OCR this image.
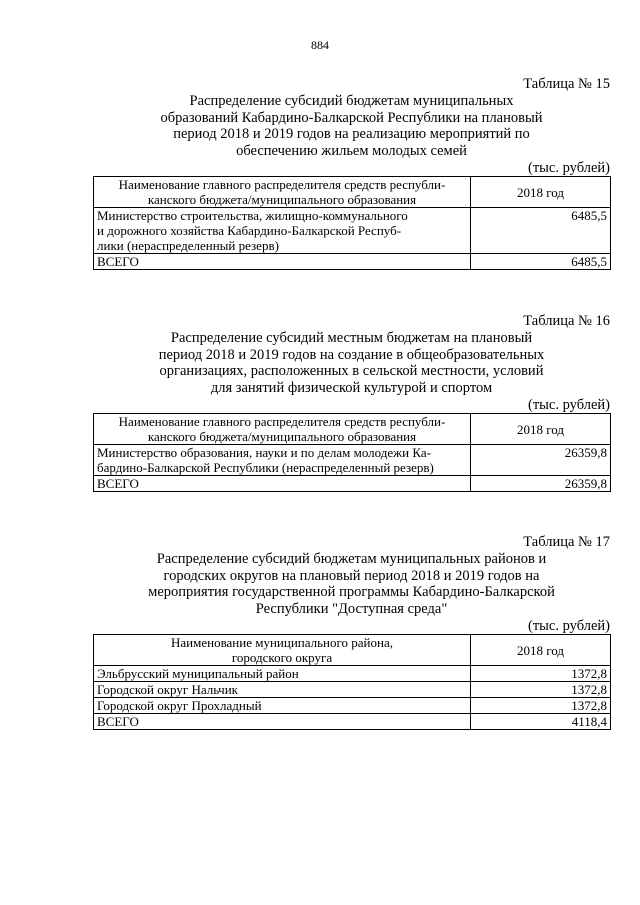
884
Таблица № 15
Распределение субсидий бюджетам муниципальных
образований Кабардино-Балкарской Республики на плановый
период 2018 и 2019 годов на реализацию мероприятий по
обеспечению жильем молодых семей
(тыс. рублей)
Наименование главного распределителя средств республи-
канского бюджета/муниципального образования	2018 год

Министерство строительства, жилищно-коммунального
и дорожного хозяйства Кабардино-Балкарской Респуб-
лики (нераспределенный резерв)	6485,5
ВСЕГО	6485,5
Таблица № 16
Распределение субсидий местным бюджетам на плановый
период 2018 и 2019 годов на создание в общеобразовательных
организациях, расположенных в сельской местности, условий
для занятий физической культурой и спортом
(тыс. рублей)
Наименование главного распределителя средств республи-
канского бюджета/муниципального образования	2018 год

Министерство образования, науки и по делам молодежи Ка-
бардино-Балкарской Республики (нераспределенный резерв)	26359,8
ВСЕГО	26359,8
Таблица № 17
Распределение субсидий бюджетам муниципальных районов и
городских округов на плановый период 2018 и 2019 годов на
мероприятия государственной программы Кабардино-Балкарской
Республики "Доступная среда"
(тыс. рублей)
Наименование муниципального района,
городского округа	2018 год
Эльбрусский муниципальный район	1372,8
Городской округ Нальчик	1372,8
Городской округ Прохладный	1372,8
ВСЕГО	4118,4
